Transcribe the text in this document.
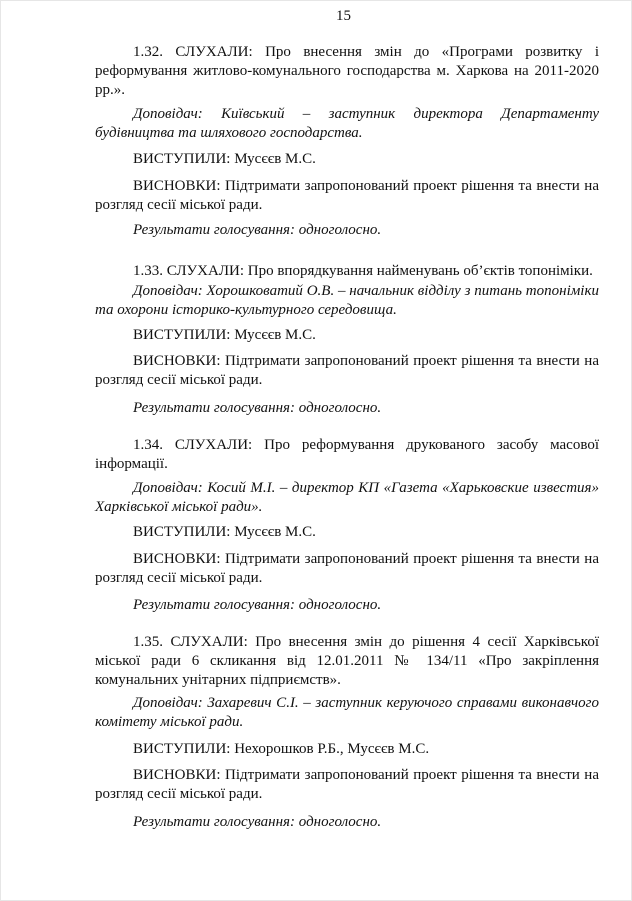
15

1.32. СЛУХАЛИ: Про внесення змін до «Програми розвитку і реформування житлово-комунального господарства м. Харкова на 2011-2020 рр.».

Доповідач: Київський – заступник директора Департаменту будівництва та шляхового господарства.

ВИСТУПИЛИ: Мусєєв М.С.

ВИСНОВКИ: Підтримати запропонований проект рішення та внести на розгляд сесії міської ради.

Результати голосування: одноголосно.

1.33. СЛУХАЛИ: Про впорядкування найменувань об’єктів топоніміки.

Доповідач: Хорошковатий О.В. – начальник відділу з питань топоніміки та охорони історико-культурного середовища.

ВИСТУПИЛИ: Мусєєв М.С.

ВИСНОВКИ: Підтримати запропонований проект рішення та внести на розгляд сесії міської ради.

Результати голосування: одноголосно.

1.34. СЛУХАЛИ: Про реформування друкованого засобу масової інформації.

Доповідач: Косий М.І. – директор КП «Газета «Харьковские известия» Харківської міської ради».

ВИСТУПИЛИ: Мусєєв М.С.

ВИСНОВКИ: Підтримати запропонований проект рішення та внести на розгляд сесії міської ради.

Результати голосування: одноголосно.

1.35. СЛУХАЛИ: Про внесення змін до рішення 4 сесії Харківської міської ради 6 скликання від 12.01.2011 № 134/11 «Про закріплення комунальних унітарних підприємств».

Доповідач: Захаревич С.І. – заступник керуючого справами виконавчого комітету міської ради.

ВИСТУПИЛИ: Нехорошков Р.Б., Мусєєв М.С.

ВИСНОВКИ: Підтримати запропонований проект рішення та внести на розгляд сесії міської ради.

Результати голосування: одноголосно.
